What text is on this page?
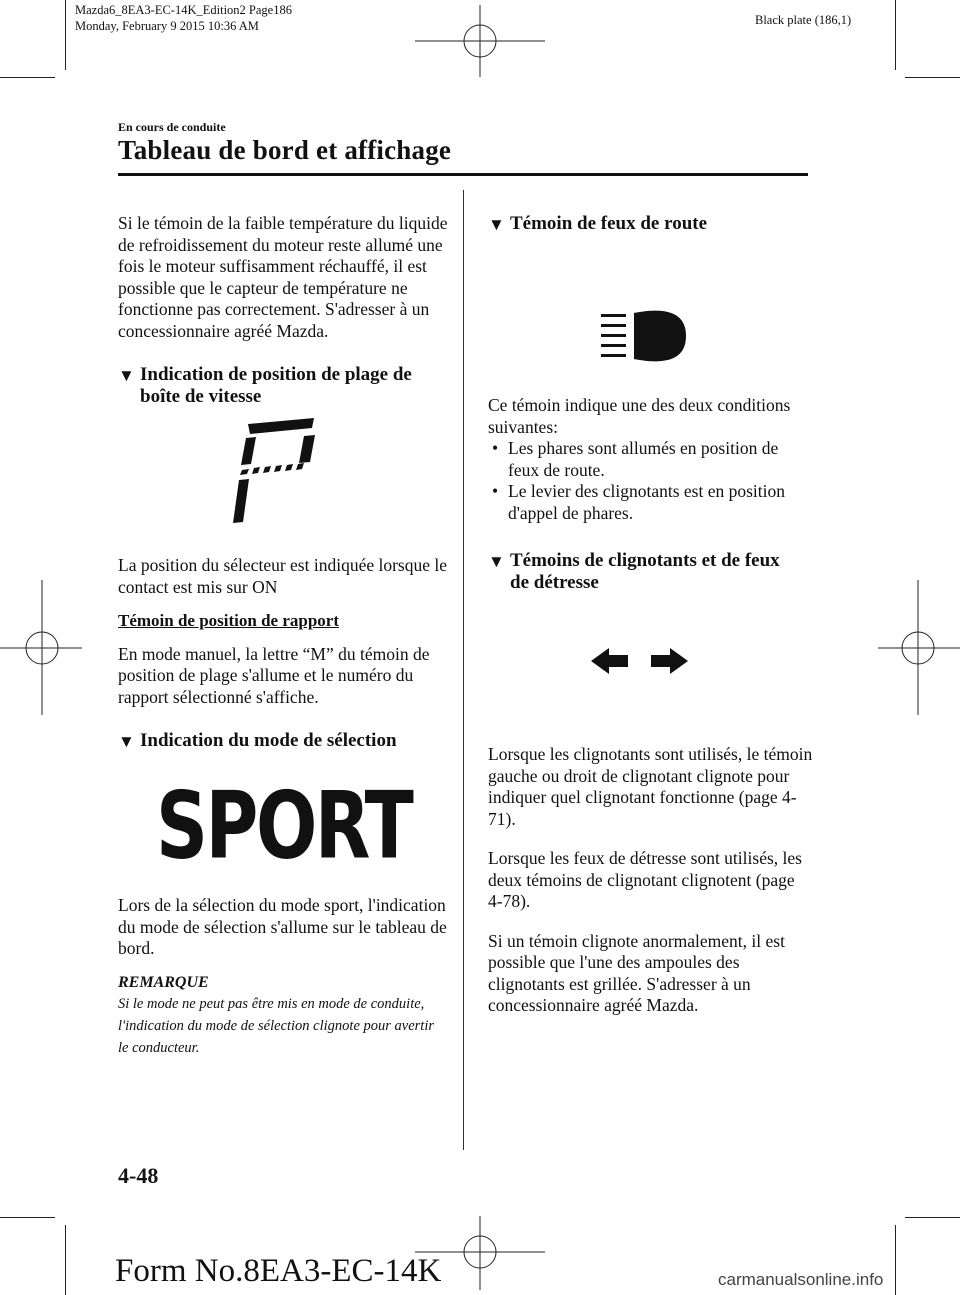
Mazda6_8EA3-EC-14K_Edition2 Page186
Monday, February 9 2015 10:36 AM	Black plate (186,1)
En cours de conduite
Tableau de bord et affichage

Si le témoin de la faible température du liquide de refroidissement du moteur reste allumé une fois le moteur suffisamment réchauffé, il est possible que le capteur de température ne fonctionne pas correctement. S'adresser à un concessionnaire agréé Mazda.

▼ Indication de position de plage de
boîte de vitesse

La position du sélecteur est indiquée lorsque le contact est mis sur ON

Témoin de position de rapport

En mode manuel, la lettre “M” du témoin de position de plage s'allume et le numéro du rapport sélectionné s'affiche.

▼ Indication du mode de sélection
SPORT

Lors de la sélection du mode sport, l'indication du mode de sélection s'allume sur le tableau de bord.

REMARQUE
Si le mode ne peut pas être mis en mode de conduite, l'indication du mode de sélection clignote pour avertir le conducteur.
▼ Témoin de feux de route

Ce témoin indique une des deux conditions suivantes:

• Les phares sont allumés en position de feux de route.
• Le levier des clignotants est en position d'appel de phares.
▼ Témoins de clignotants et de feux
de détresse

Lorsque les clignotants sont utilisés, le témoin gauche ou droit de clignotant clignote pour indiquer quel clignotant fonctionne (page 4-71).

Lorsque les feux de détresse sont utilisés, les deux témoins de clignotant clignotent (page 4-78).

Si un témoin clignote anormalement, il est possible que l'une des ampoules des clignotants est grillée. S'adresser à un concessionnaire agréé Mazda.

4-48
Form No.8EA3-EC-14K	carmanualsonline.info
